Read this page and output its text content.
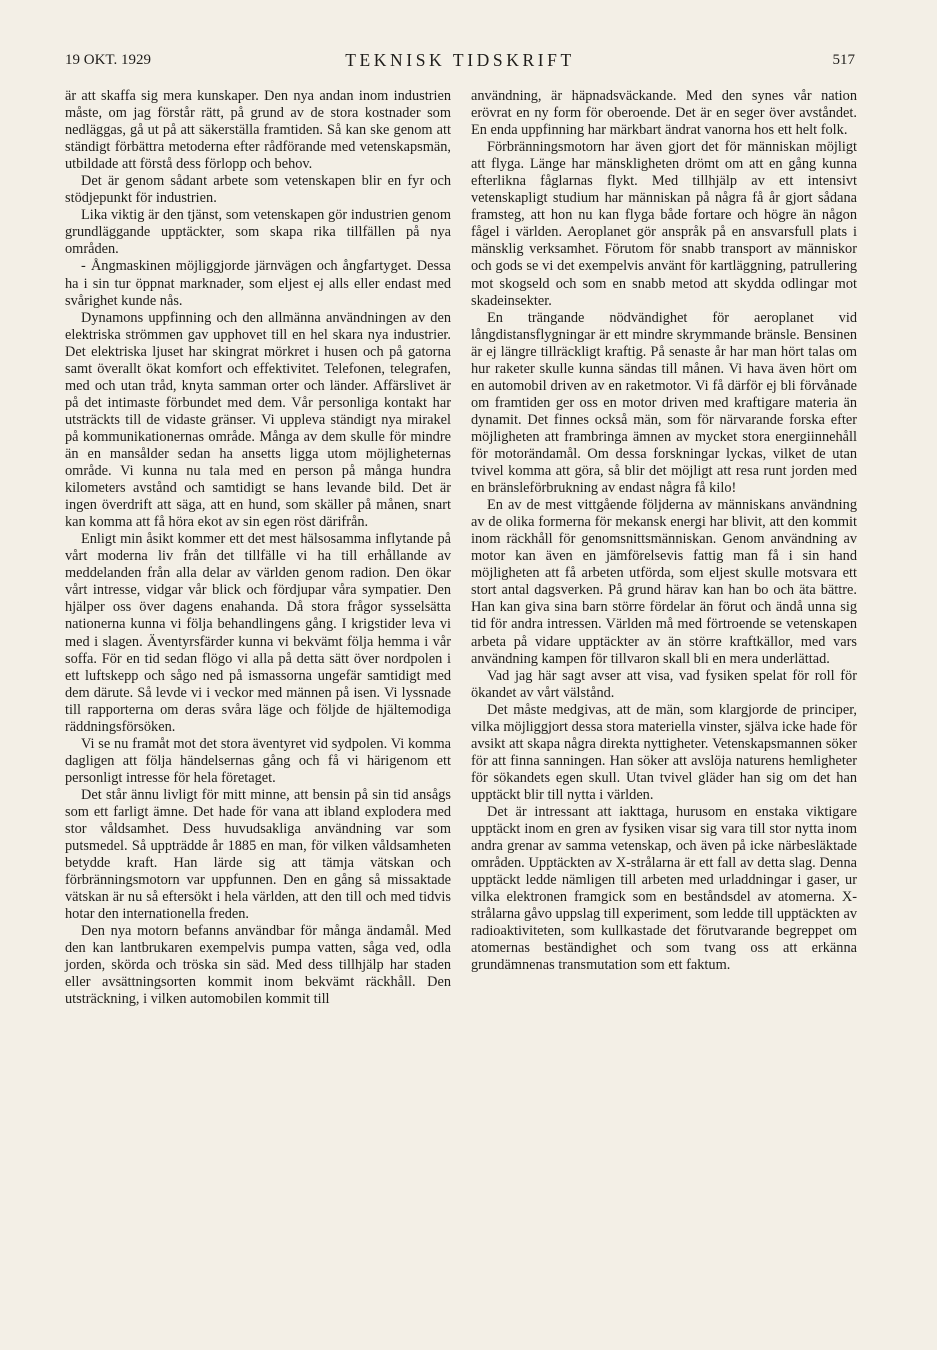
19 OKT. 1929	TEKNISK TIDSKRIFT	517

är att skaffa sig mera kunskaper. Den nya andan inom industrien måste, om jag förstår rätt, på grund av de stora kostnader som nedläggas, gå ut på att säkerställa framtiden. Så kan ske genom att ständigt förbättra metoderna efter rådförande med vetenskapsmän, utbildade att förstå dess förlopp och behov.

Det är genom sådant arbete som vetenskapen blir en fyr och stödjepunkt för industrien.

Lika viktig är den tjänst, som vetenskapen gör industrien genom grundläggande upptäckter, som skapa rika tillfällen på nya områden.

- Ångmaskinen möjliggjorde järnvägen och ångfartyget. Dessa ha i sin tur öppnat marknader, som eljest ej alls eller endast med svårighet kunde nås.

Dynamons uppfinning och den allmänna användningen av den elektriska strömmen gav upphovet till en hel skara nya industrier. Det elektriska ljuset har skingrat mörkret i husen och på gatorna samt överallt ökat komfort och effektivitet. Telefonen, telegrafen, med och utan tråd, knyta samman orter och länder. Affärslivet är på det intimaste förbundet med dem. Vår personliga kontakt har utsträckts till de vidaste gränser. Vi uppleva ständigt nya mirakel på kommunikationernas område. Många av dem skulle för mindre än en mansålder sedan ha ansetts ligga utom möjligheternas område. Vi kunna nu tala med en person på många hundra kilometers avstånd och samtidigt se hans levande bild. Det är ingen överdrift att säga, att en hund, som skäller på månen, snart kan komma att få höra ekot av sin egen röst därifrån.

Enligt min åsikt kommer ett det mest hälsosamma inflytande på vårt moderna liv från det tillfälle vi ha till erhållande av meddelanden från alla delar av världen genom radion. Den ökar vårt intresse, vidgar vår blick och fördjupar våra sympatier. Den hjälper oss över dagens enahanda. Då stora frågor sysselsätta nationerna kunna vi följa behandlingens gång. I krigstider leva vi med i slagen. Äventyrsfärder kunna vi bekvämt följa hemma i vår soffa. För en tid sedan flögo vi alla på detta sätt över nordpolen i ett luftskepp och sågo ned på ismassorna ungefär samtidigt med dem därute. Så levde vi i veckor med männen på isen. Vi lyssnade till rapporterna om deras svåra läge och följde de hjältemodiga räddningsförsöken.

Vi se nu framåt mot det stora äventyret vid sydpolen. Vi komma dagligen att följa händelsernas gång och få vi härigenom ett personligt intresse för hela företaget.

Det står ännu livligt för mitt minne, att bensin på sin tid ansågs som ett farligt ämne. Det hade för vana att ibland explodera med stor våldsamhet. Dess huvudsakliga användning var som putsmedel. Så uppträdde år 1885 en man, för vilken våldsamheten betydde kraft. Han lärde sig att tämja vätskan och förbränningsmotorn var uppfunnen. Den en gång så missaktade vätskan är nu så eftersökt i hela världen, att den till och med tidvis hotar den internationella freden.

Den nya motorn befanns användbar för många ändamål. Med den kan lantbrukaren exempelvis pumpa vatten, såga ved, odla jorden, skörda och tröska sin säd. Med dess tillhjälp har staden eller avsättningsorten kommit inom bekvämt räckhåll. Den utsträckning, i vilken automobilen kommit till

användning, är häpnadsväckande. Med den synes vår nation erövrat en ny form för oberoende. Det är en seger över avståndet. En enda uppfinning har märkbart ändrat vanorna hos ett helt folk.

Förbränningsmotorn har även gjort det för människan möjligt att flyga. Länge har mänskligheten drömt om att en gång kunna efterlikna fåglarnas flykt. Med tillhjälp av ett intensivt vetenskapligt studium har människan på några få år gjort sådana framsteg, att hon nu kan flyga både fortare och högre än någon fågel i världen. Aeroplanet gör anspråk på en ansvarsfull plats i mänsklig verksamhet. Förutom för snabb transport av människor och gods se vi det exempelvis använt för kartläggning, patrullering mot skogseld och som en snabb metod att skydda odlingar mot skadeinsekter.

En trängande nödvändighet för aeroplanet vid långdistansflygningar är ett mindre skrymmande bränsle. Bensinen är ej längre tillräckligt kraftig. På senaste år har man hört talas om hur raketer skulle kunna sändas till månen. Vi hava även hört om en automobil driven av en raketmotor. Vi få därför ej bli förvånade om framtiden ger oss en motor driven med kraftigare materia än dynamit. Det finnes också män, som för närvarande forska efter möjligheten att frambringa ämnen av mycket stora energiinnehåll för motorändamål. Om dessa forskningar lyckas, vilket de utan tvivel komma att göra, så blir det möjligt att resa runt jorden med en bränsleförbrukning av endast några få kilo!

En av de mest vittgående följderna av människans användning av de olika formerna för mekansk energi har blivit, att den kommit inom räckhåll för genomsnittsmänniskan. Genom användning av motor kan även en jämförelsevis fattig man få i sin hand möjligheten att få arbeten utförda, som eljest skulle motsvara ett stort antal dagsverken. På grund härav kan han bo och äta bättre. Han kan giva sina barn större fördelar än förut och ändå unna sig tid för andra intressen. Världen må med förtroende se vetenskapen arbeta på vidare upptäckter av än större kraftkällor, med vars användning kampen för tillvaron skall bli en mera underlättad.

Vad jag här sagt avser att visa, vad fysiken spelat för roll för ökandet av vårt välstånd.

Det måste medgivas, att de män, som klargjorde de principer, vilka möjliggjort dessa stora materiella vinster, själva icke hade för avsikt att skapa några direkta nyttigheter. Vetenskapsmannen söker för att finna sanningen. Han söker att avslöja naturens hemligheter för sökandets egen skull. Utan tvivel gläder han sig om det han upptäckt blir till nytta i världen.

Det är intressant att iakttaga, hurusom en enstaka viktigare upptäckt inom en gren av fysiken visar sig vara till stor nytta inom andra grenar av samma vetenskap, och även på icke närbesläktade områden. Upptäckten av X-strålarna är ett fall av detta slag. Denna upptäckt ledde nämligen till arbeten med urladdningar i gaser, ur vilka elektronen framgick som en beståndsdel av atomerna. X-strålarna gåvo uppslag till experiment, som ledde till upptäckten av radioaktiviteten, som kullkastade det förutvarande begreppet om atomernas beständighet och som tvang oss att erkänna grundämnenas transmutation som ett faktum.
